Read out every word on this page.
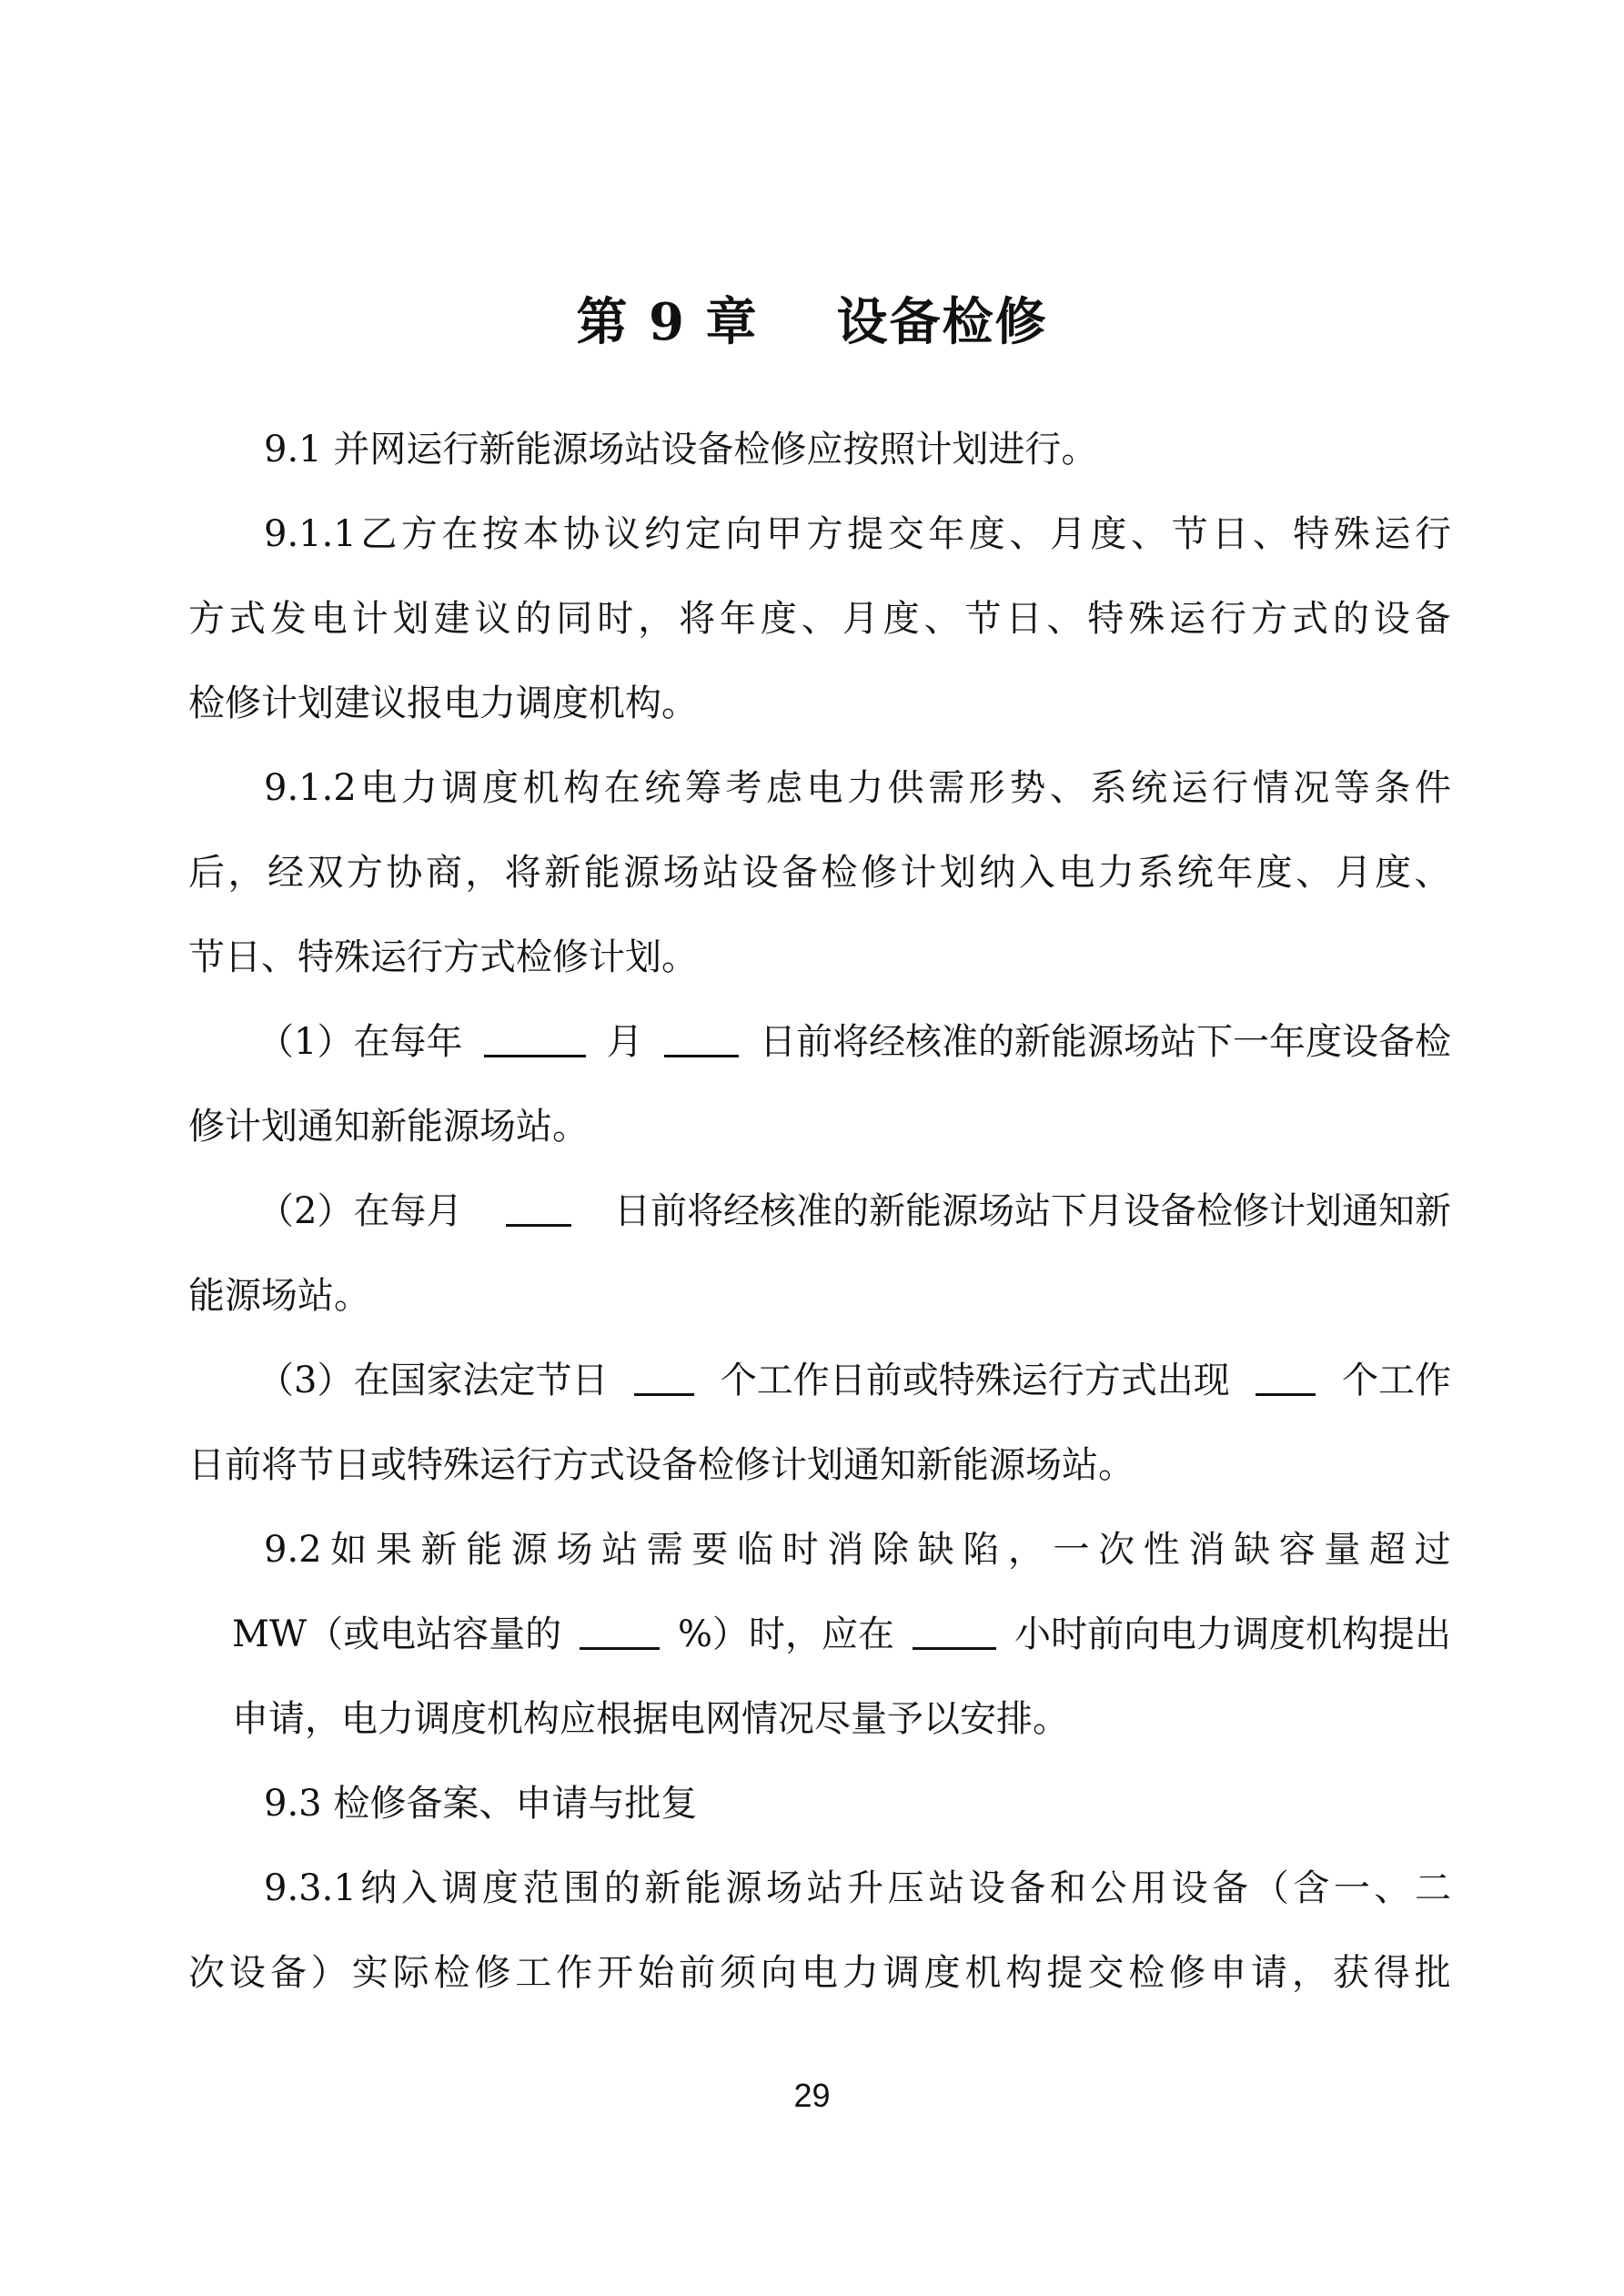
第 9 章    设备检修
9.1 并网运行新能源场站设备检修应按照计划进行。
9.1.1 乙 方 在 按 本 协 议 约 定 向 甲 方 提 交 年 度 、 月 度 、 节 日 、 特 殊 运 行
方 式 发 电 计 划 建 议 的 同 时 ， 将 年 度 、 月 度 、 节 日 、 特 殊 运 行 方 式 的 设 备
检修计划建议报电力调度机构。
9.1.2 电 力 调 度 机 构 在 统 筹 考 虑 电 力 供 需 形 势 、 系 统 运 行 情 况 等 条 件
后 ， 经 双 方 协 商 ， 将 新 能 源 场 站 设 备 检 修 计 划 纳 入 电 力 系 统 年 度 、 月 度 、
节日、特殊运行方式检修计划。
（1）在每年	月	日前将经核准的新能源场站下一年度设备检
修计划通知新能源场站。
（2）在每月	日前将经核准的新能源场站下月设备检修计划通知新
能源场站。
（3）在国家法定节日	个工作日前或特殊运行方式出现	个工作
日前将节日或特殊运行方式设备检修计划通知新能源场站。
9.2 如 果 新 能 源 场 站 需 要 临 时 消 除 缺 陷 ， 一 次 性 消 缺 容 量 超 过
MW（或电站容量的	%）时，应在	小时前向电力调度机构提出
申请，电力调度机构应根据电网情况尽量予以安排。
9.3 检修备案、申请与批复
9.3.1 纳 入 调 度 范 围 的 新 能 源 场 站 升 压 站 设 备 和 公 用 设 备 （ 含 一 、 二
次 设 备 ） 实 际 检 修 工 作 开 始 前 须 向 电 力 调 度 机 构 提 交 检 修 申 请 ， 获 得 批
29
